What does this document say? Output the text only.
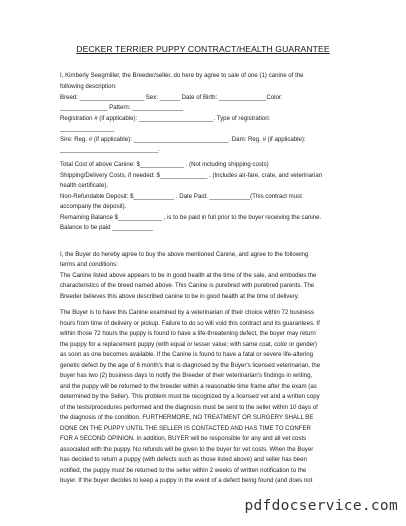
DECKER TERRIER PUPPY CONTRACT/HEALTH GUARANTEE
I, Kimberly Seegmiller, the Breeder/seller, do here by agree to sale of one (1) canine of the
following description:
Breed: ___________________ Sex: ______ Date of Birth: ______________Color:
______________ Pattern: _______________
Registration # (if applicable): ______________________. Type of registration:
________________
Sire: Reg. # (if applicable): ____________________________. Dam: Reg. # (if applicable):
_____________________________.
Total Cost of above Canine: $_____________ . (Not including shipping costs)
Shipping/Delivery Costs, if needed: $______________ . (Includes air-fare, crate, and veterinarian
health certificate).
Non-Refundable Deposit: $____________ . Date Paid: ____________(This contract must
accompany the deposit).
Remaining Balance $_____________ , is to be paid in full prior to the buyer receiving the canine.
Balance to be paid ____________
I, the Buyer do hereby agree to buy the above mentioned Canine, and agree to the following
terms and conditions:
The Canine listed above appears to be in good health at the time of the sale, and embodies the
characteristics of the breed named above. This Canine is purebred with purebred parents. The
Breeder believes this above described canine to be in good health at the time of delivery.
The Buyer is to have this Canine examined by a veterinarian of their choice within 72 business
hours from time of delivery or pickup. Failure to do so will void this contract and its guarantees. If
within those 72 hours the puppy is found to have a life-threatening defect, the buyer may return
the puppy for a replacement puppy (with equal or lesser value; with same coat, color or gender)
as soon as one becomes available. If the Canine is found to have a fatal or severe life-altering
genetic defect by the age of 6 month's that is diagnosed by the Buyer's licensed veterinarian, the
buyer has two (2) business days to notify the Breeder of their veterinarian's findings in writing,
and the puppy will be returned to the breeder within a reasonable time frame after the exam (as
determined by the Seller). This problem must be recognized by a licensed vet and a written copy
of the tests/procedures performed and the diagnosis must be sent to the seller within 10 days of
the diagnosis of the condition. FURTHERMORE, NO TREATMENT OR SURGERY SHALL BE
DONE ON THE PUPPY UNTIL THE SELLER IS CONTACTED AND HAS TIME TO CONFER
FOR A SECOND OPINION. In addition, BUYER will be responsible for any and all vet costs
associated with the puppy. No refunds will be given to the buyer for vet costs. When the Buyer
has decided to return a puppy (with defects such as those listed above) and seller has been
notified, the puppy must be returned to the seller within 2 weeks of written notification to the
buyer. If the buyer decides to keep a puppy in the event of a defect being found (and does not
pdfdocservice.com
